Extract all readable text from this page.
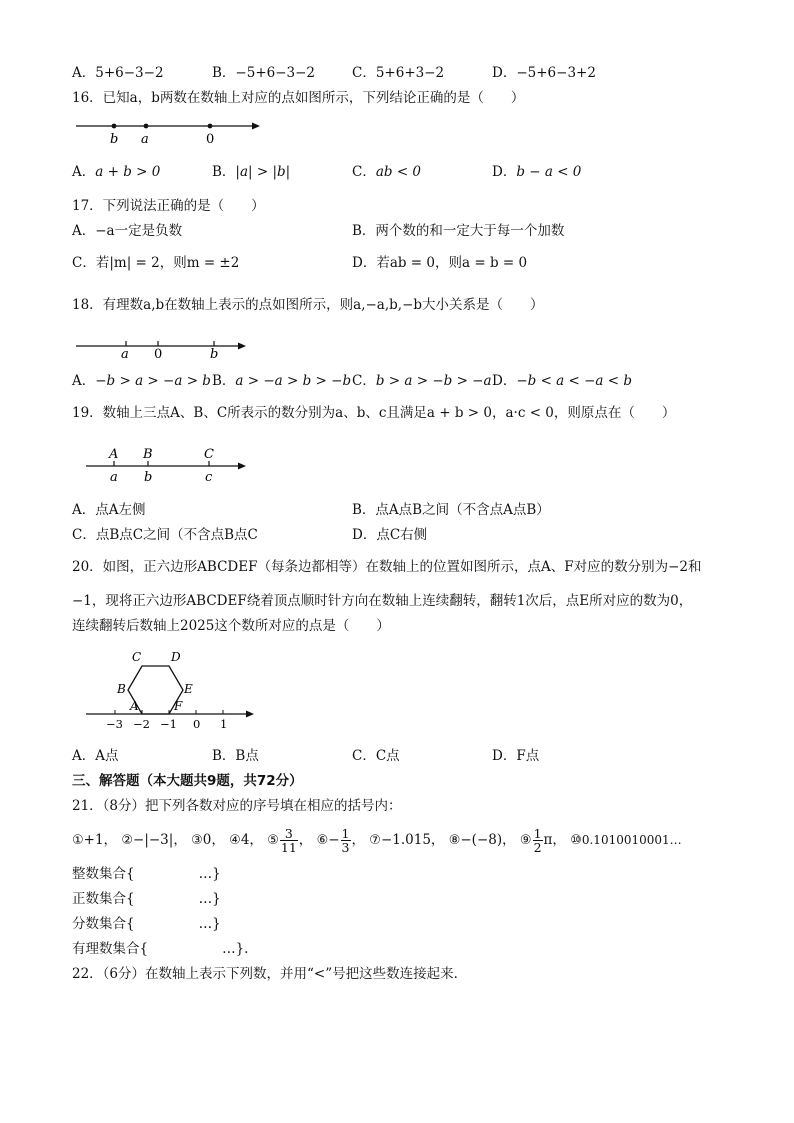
A．5+6−3−2	B．−5+6−3−2	C．5+6+3−2	D．−5+6−3+2
16．已知a，b两数在数轴上对应的点如图所示，下列结论正确的是（　　）
b a	0
A．a + b > 0	B．|a| > |b|	C．ab < 0	D．b − a < 0
17．下列说法正确的是（　　）
A．−a一定是负数	B．两个数的和一定大于每一个加数
C．若|m| = 2，则m = ±2	D．若ab = 0，则a = b = 0
18．有理数a,b在数轴上表示的点如图所示，则a,−a,b,−b大小关系是（　　）
a 0	b
A．−b > a > −a > b B．a > −a > b > −b C．b > a > −b > −a D．−b < a < −a < b
19．数轴上三点A、B、C所表示的数分别为a、b、c且满足a + b > 0，a·c < 0，则原点在（　　）
A B	C
a b	c
A．点A左侧	B．点A点B之间（不含点A点B）
C．点B点C之间（不含点B点C	D．点C右侧
20．如图，正六边形ABCDEF（每条边都相等）在数轴上的位置如图所示，点A、F对应的数分别为−2和
−1，现将正六边形ABCDEF绕着顶点顺时针方向在数轴上连续翻转，翻转1次后，点E所对应的数为0，
连续翻转后数轴上2025这个数所对应的点是（　　）
C D
B	E
A	F
−3 −2 −1 0 1
A．A点	B．B点	C．C点	D．F点
三、解答题（本大题共9题，共72分）
21．（8分）把下列各数对应的序号填在相应的括号内：
①+1， ②−|−3|， ③0， ④4， ⑤ $\frac{3}{11}$ ， ⑥− $\frac{1}{3}$ ， ⑦−1.015， ⑧−(−8)， ⑨ $\frac{1}{2}$ π， ⑩0.1010010001…
整数集合{	…}
正数集合{	…}
分数集合{	…}
有理数集合{	…}.
22．（6分）在数轴上表示下列数，并用“<”号把这些数连接起来．
